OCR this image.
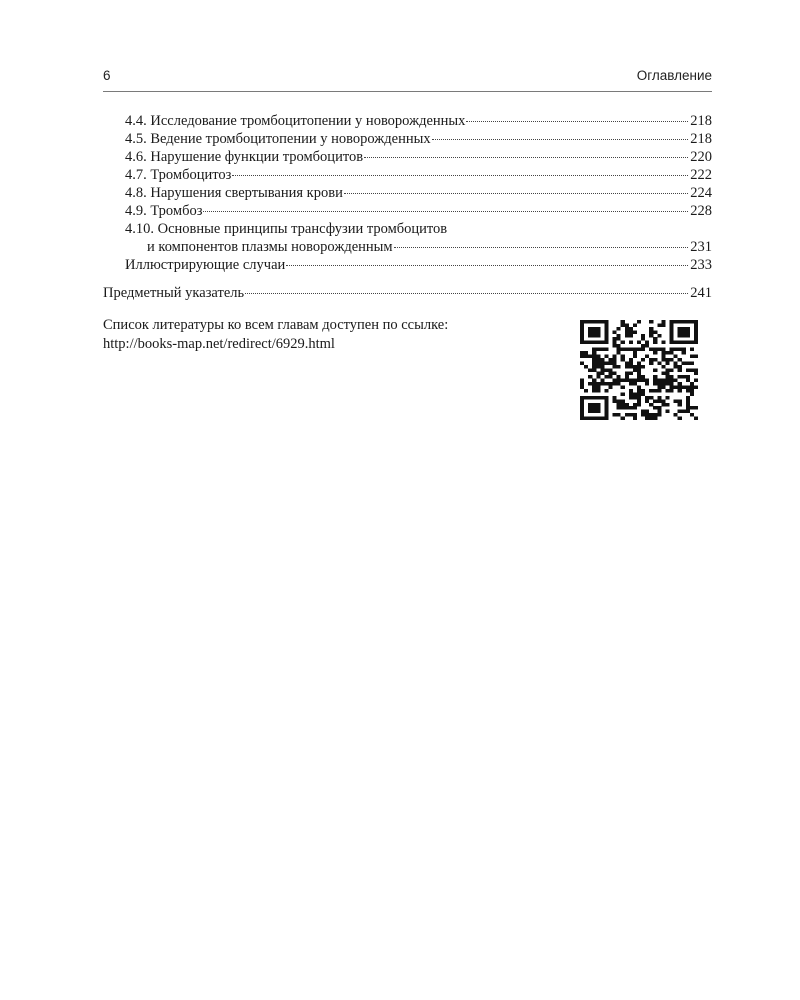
6	Оглавление
4.4. Исследование тромбоцитопении у новорожденных	218
4.5. Ведение тромбоцитопении у новорожденных	218
4.6. Нарушение функции тромбоцитов	220
4.7. Тромбоцитоз	222
4.8. Нарушения свертывания крови	224
4.9. Тромбоз	228
4.10. Основные принципы трансфузии тромбоцитов
и компонентов плазмы новорожденным	231
Иллюстрирующие случаи	233
Предметный указатель	241
Список литературы ко всем главам доступен по ссылке:
http://books-map.net/redirect/6929.html
